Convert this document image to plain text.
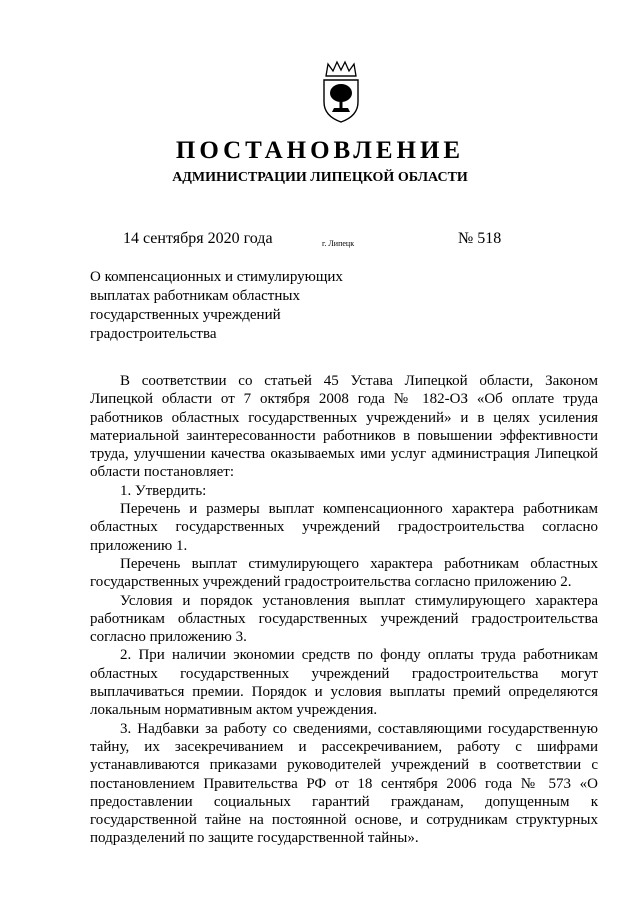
ПОСТАНОВЛЕНИЕ
АДМИНИСТРАЦИИ ЛИПЕЦКОЙ ОБЛАСТИ
14 сентября 2020 года	г. Липецк	№ 518
О компенсационных и стимулирующих
выплатах работникам областных
государственных учреждений
градостроительства

В соответствии со статьей 45 Устава Липецкой области, Законом Липецкой области от 7 октября 2008 года № 182-ОЗ «Об оплате труда работников областных государственных учреждений» и в целях усиления материальной заинтересованности работников в повышении эффективности труда, улучшении качества оказываемых ими услуг администрация Липецкой области постановляет:

1. Утвердить:

Перечень и размеры выплат компенсационного характера работникам областных государственных учреждений градостроительства согласно приложению 1.

Перечень выплат стимулирующего характера работникам областных государственных учреждений градостроительства согласно приложению 2.

Условия и порядок установления выплат стимулирующего характера работникам областных государственных учреждений градостроительства согласно приложению 3.

2. При наличии экономии средств по фонду оплаты труда работникам областных государственных учреждений градостроительства могут выплачиваться премии. Порядок и условия выплаты премий определяются локальным нормативным актом учреждения.

3. Надбавки за работу со сведениями, составляющими государственную тайну, их засекречиванием и рассекречиванием, работу с шифрами устанавливаются приказами руководителей учреждений в соответствии с постановлением Правительства РФ от 18 сентября 2006 года № 573 «О предоставлении социальных гарантий гражданам, допущенным к государственной тайне на постоянной основе, и сотрудникам структурных подразделений по защите государственной тайны».
